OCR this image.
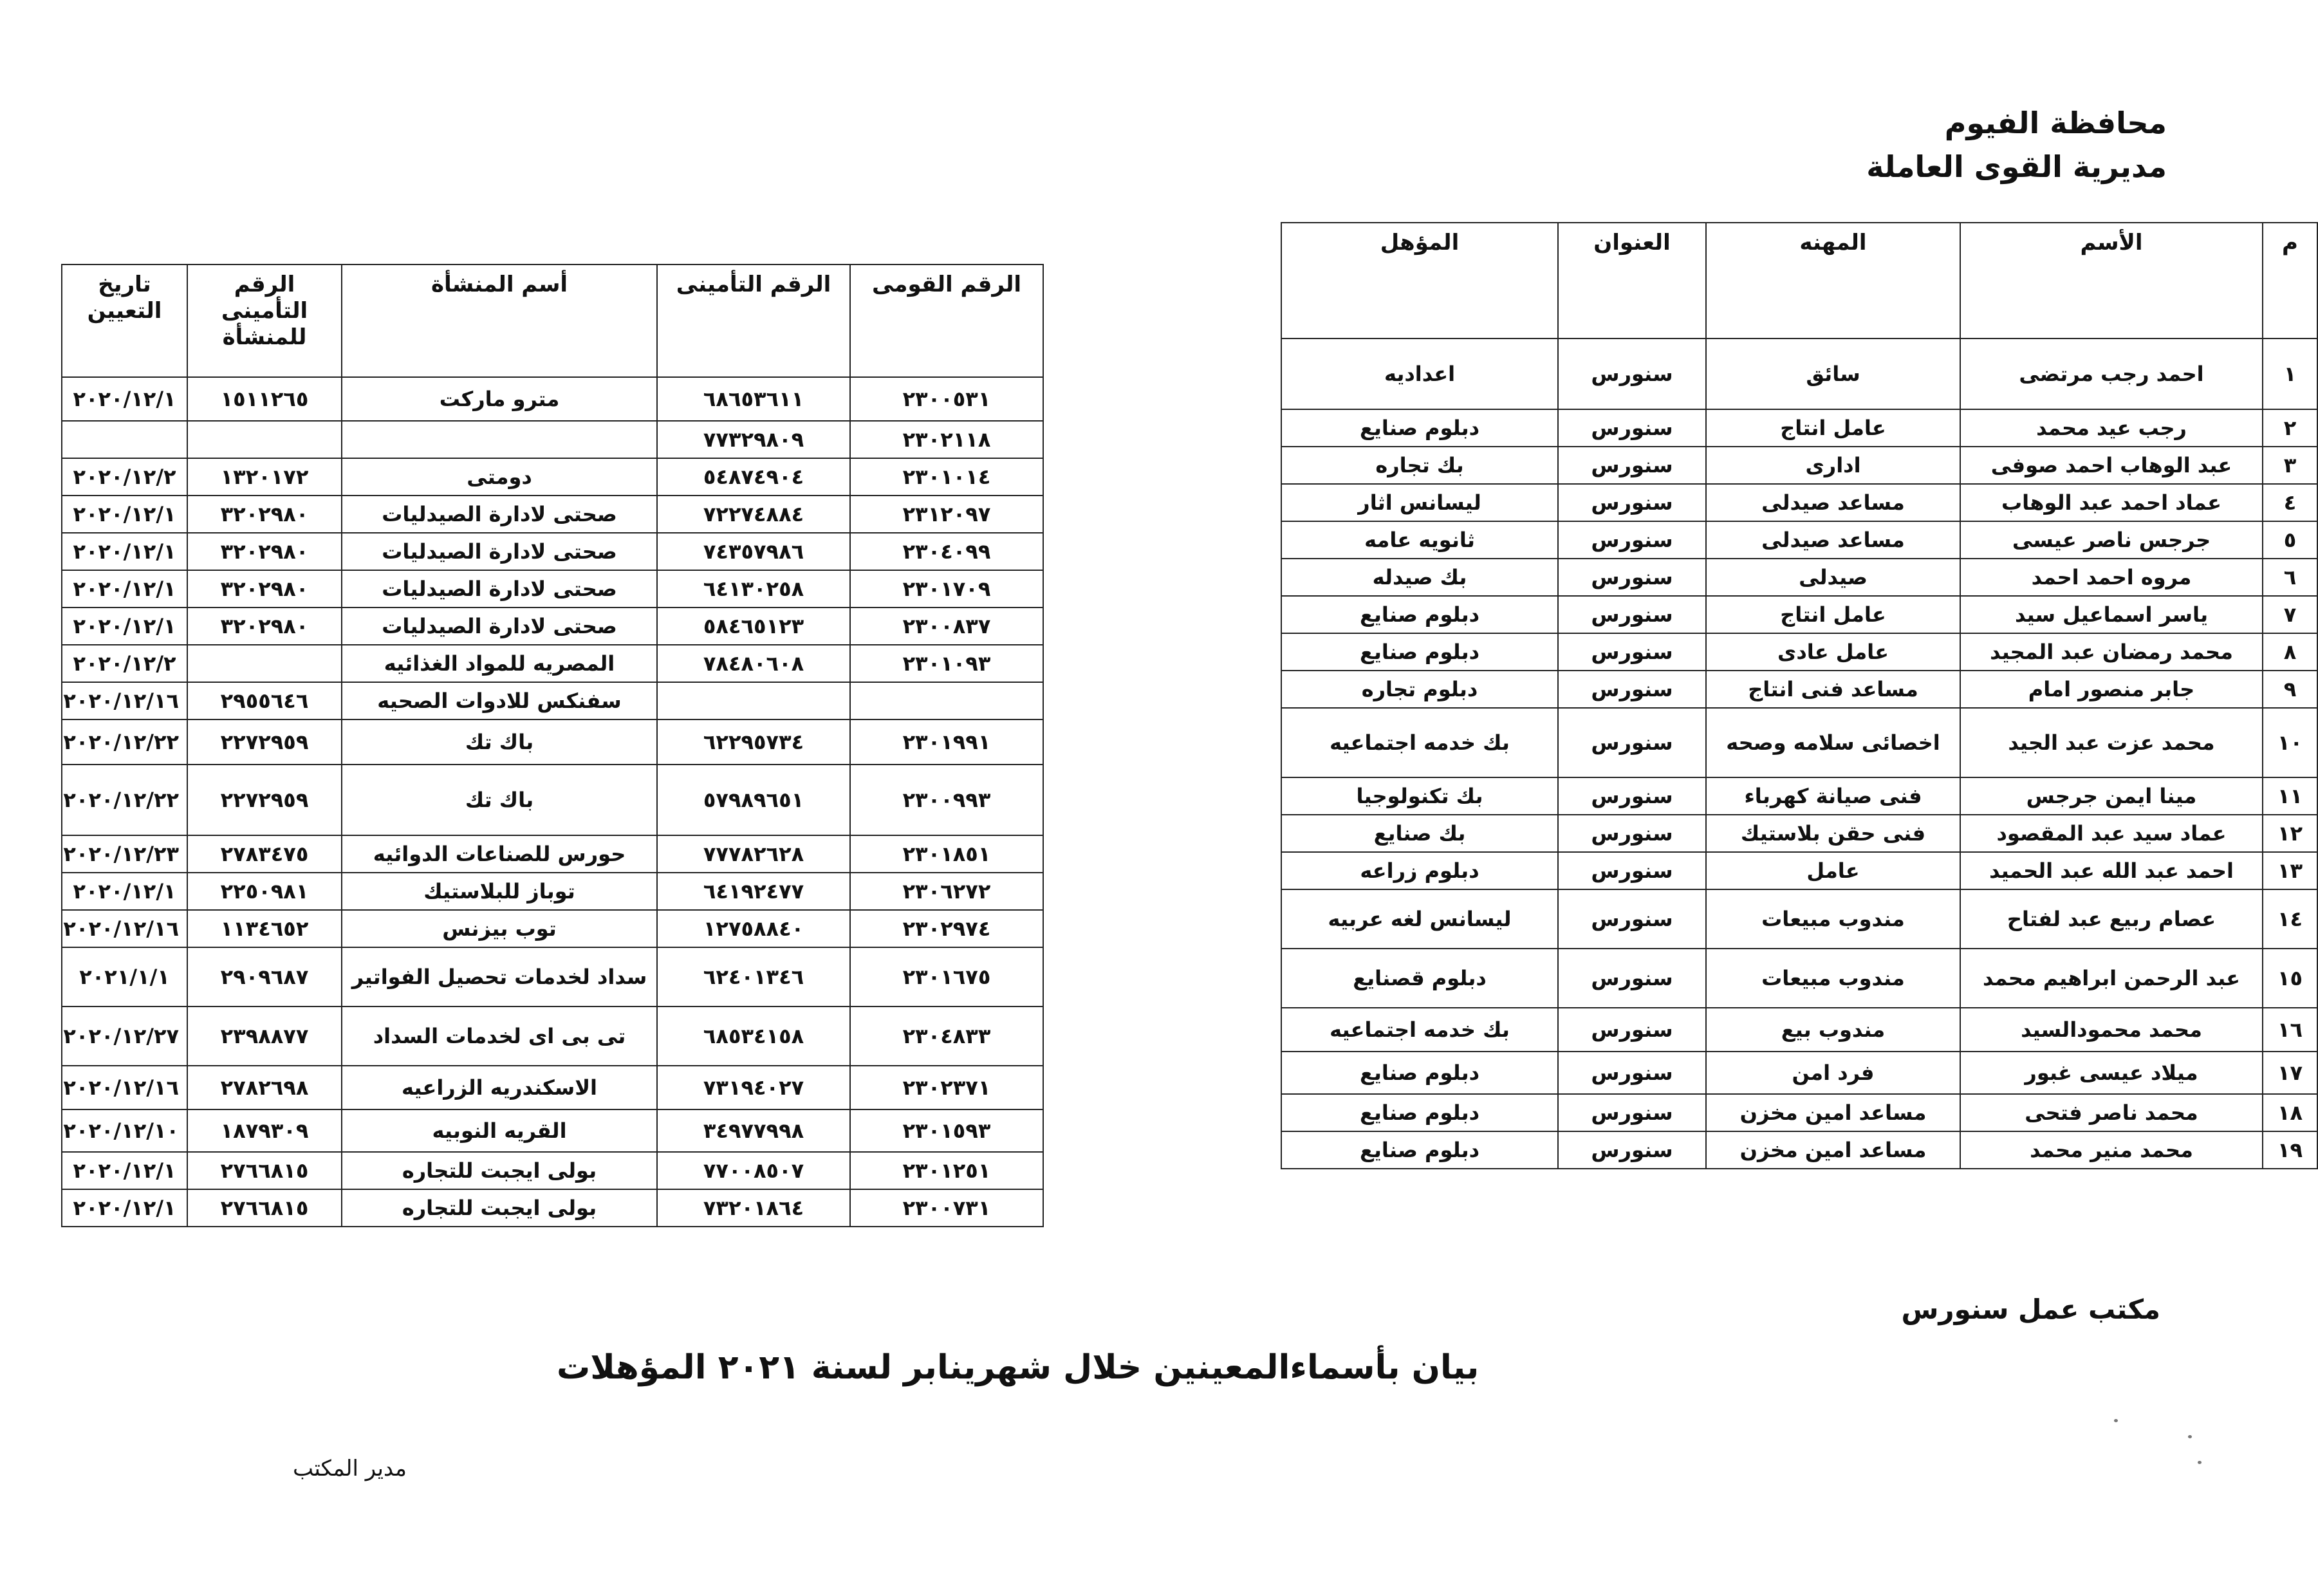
محافظة الفيوم
مديرية القوى العاملة
م	الأسم	المهنه	العنوان	المؤهل
١	احمد رجب مرتضى	سائق	سنورس	اعداديه
٢	رجب عيد محمد	عامل انتاج	سنورس	دبلوم صنايع
٣	عبد الوهاب احمد صوفى	ادارى	سنورس	بك تجاره
٤	عماد احمد عبد الوهاب	مساعد صيدلى	سنورس	ليسانس اثار
٥	جرجس ناصر عيسى	مساعد صيدلى	سنورس	ثانويه عامه
٦	مروه احمد احمد	صيدلى	سنورس	بك صيدله
٧	ياسر اسماعيل سيد	عامل انتاج	سنورس	دبلوم صنايع
٨	محمد رمضان عبد المجيد	عامل عادى	سنورس	دبلوم صنايع
٩	جابر منصور امام	مساعد فنى انتاج	سنورس	دبلوم تجاره
١٠	محمد عزت عبد الجيد	اخصائى سلامه وصحه	سنورس	بك خدمه اجتماعيه
١١	مينا ايمن جرجس	فنى صيانة كهرباء	سنورس	بك تكنولوجيا
١٢	عماد سيد عبد المقصود	فنى حقن بلاستيك	سنورس	بك صنايع
١٣	احمد عبد الله عبد الحميد	عامل	سنورس	دبلوم زراعه
١٤	عصام ربيع عبد لفتاح	مندوب مبيعات	سنورس	ليسانس لغه عربيه
١٥	عبد الرحمن ابراهيم محمد	مندوب مبيعات	سنورس	دبلوم قصنايع
١٦	محمد محمودالسيد	مندوب بيع	سنورس	بك خدمه اجتماعيه
١٧	ميلاد عيسى غبور	فرد امن	سنورس	دبلوم صنايع
١٨	محمد ناصر فتحى	مساعد امين مخزن	سنورس	دبلوم صنايع
١٩	محمد منير محمد	مساعد امين مخزن	سنورس	دبلوم صنايع
الرقم القومى	الرقم التأمينى	أسم المنشأة	الرقم التأمينى للمنشأة	تاريخ التعيين
٢٣٠٠٥٣١	٦٨٦٥٣٦١١	مترو ماركت	١٥١١٢٦٥	٢٠٢٠/١٢/١
٢٣٠٢١١٨	٧٧٣٢٩٨٠٩			
٢٣٠١٠١٤	٥٤٨٧٤٩٠٤	دومتى	١٣٢٠١٧٢	٢٠٢٠/١٢/٢
٢٣١٢٠٩٧	٧٢٢٧٤٨٨٤	صحتى لادارة الصيدليات	٣٢٠٢٩٨٠	٢٠٢٠/١٢/١
٢٣٠٤٠٩٩	٧٤٣٥٧٩٨٦	صحتى لادارة الصيدليات	٣٢٠٢٩٨٠	٢٠٢٠/١٢/١
٢٣٠١٧٠٩	٦٤١٣٠٢٥٨	صحتى لادارة الصيدليات	٣٢٠٢٩٨٠	٢٠٢٠/١٢/١
٢٣٠٠٨٣٧	٥٨٤٦٥١٢٣	صحتى لادارة الصيدليات	٣٢٠٢٩٨٠	٢٠٢٠/١٢/١
٢٣٠١٠٩٣	٧٨٤٨٠٦٠٨	المصريه للمواد الغذائيه		٢٠٢٠/١٢/٢
		سفنكس للادوات الصحيه	٢٩٥٥٦٤٦	٢٠٢٠/١٢/١٦
٢٣٠١٩٩١	٦٢٢٩٥٧٣٤	باك تك	٢٢٧٢٩٥٩	٢٠٢٠/١٢/٢٢
٢٣٠٠٩٩٣	٥٧٩٨٩٦٥١	باك تك	٢٢٧٢٩٥٩	٢٠٢٠/١٢/٢٢
٢٣٠١٨٥١	٧٧٧٨٢٦٢٨	حورس للصناعات الدوائيه	٢٧٨٣٤٧٥	٢٠٢٠/١٢/٢٣
٢٣٠٦٢٧٢	٦٤١٩٢٤٧٧	توباز للبلاستيك	٢٢٥٠٩٨١	٢٠٢٠/١٢/١
٢٣٠٢٩٧٤	١٢٧٥٨٨٤٠	توب بيزنس	١١٣٤٦٥٢	٢٠٢٠/١٢/١٦
٢٣٠١٦٧٥	٦٢٤٠١٣٤٦	سداد لخدمات تحصيل الفواتير	٢٩٠٩٦٨٧	٢٠٢١/١/١
٢٣٠٤٨٣٣	٦٨٥٣٤١٥٨	تى بى اى لخدمات السداد	٢٣٩٨٨٧٧	٢٠٢٠/١٢/٢٧
٢٣٠٢٣٧١	٧٣١٩٤٠٢٧	الاسكندريه الزراعيه	٢٧٨٢٦٩٨	٢٠٢٠/١٢/١٦
٢٣٠١٥٩٣	٣٤٩٧٧٩٩٨	القريه النوبيه	١٨٧٩٣٠٩	٢٠٢٠/١٢/١٠
٢٣٠١٢٥١	٧٧٠٠٨٥٠٧	بولى ايجبت للتجاره	٢٧٦٦٨١٥	٢٠٢٠/١٢/١
٢٣٠٠٧٣١	٧٣٢٠١٨٦٤	بولى ايجبت للتجاره	٢٧٦٦٨١٥	٢٠٢٠/١٢/١
مكتب عمل سنورس
بيان بأسماءالمعينين خلال شهرينابر لسنة ٢٠٢١ المؤهلات
مدير المكتب
